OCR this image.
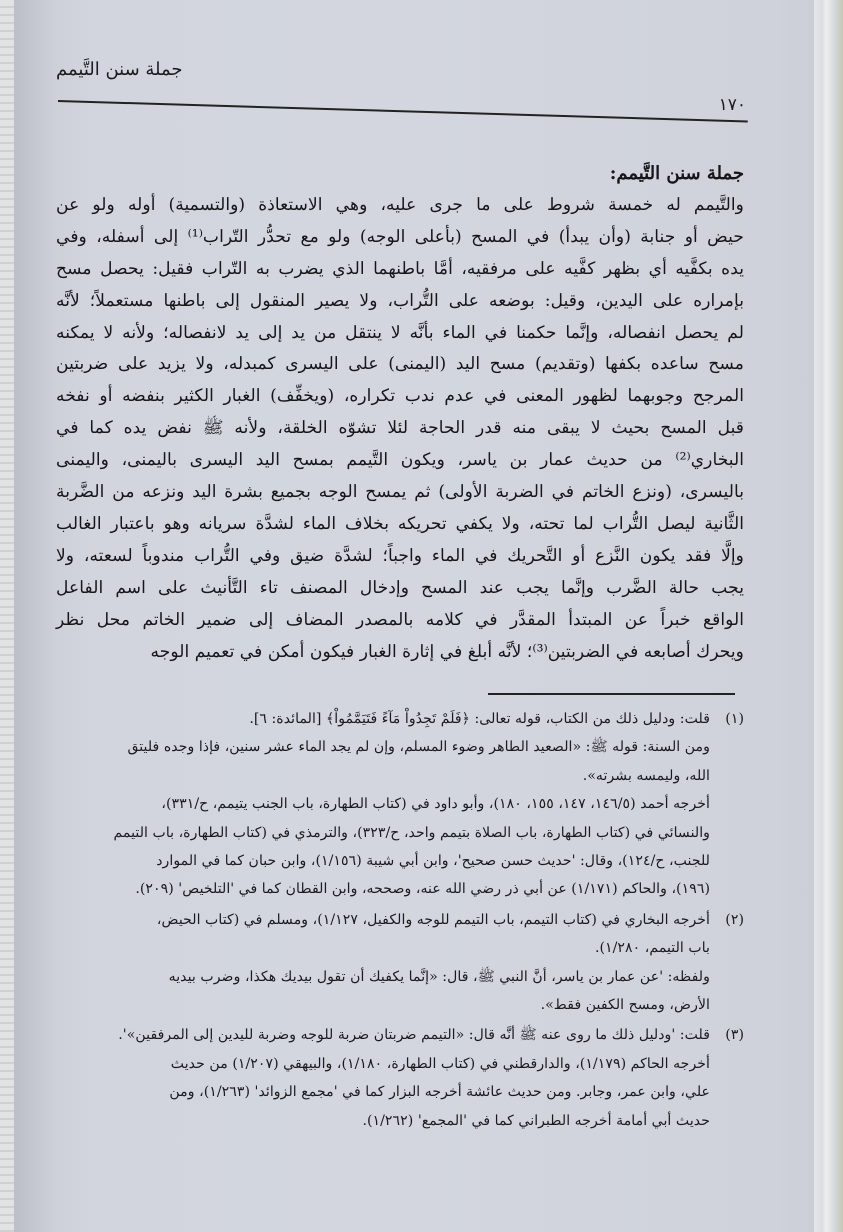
جملة سنن التَّيمم
١٧٠
جملة سنن التَّيمم:

والتَّيمم له خمسة شروط على ما جرى عليه، وهي الاستعاذة (والتسمية) أوله ولو عن

حيض أو جنابة (وأن يبدأ) في المسح (بأعلى الوجه) ولو مع تحدُّر التّراب⁽¹⁾ إلى أسفله، وفي

يده بكفَّيه أي بظهر كفَّيه على مرفقيه، أمَّا باطنهما الذي يضرب به التّراب فقيل: يحصل مسح

بإمراره على اليدين، وقيل: بوضعه على التُّراب، ولا يصير المنقول إلى باطنها مستعملاً؛ لأنَّه

لم يحصل انفصاله، وإنَّما حكمنا في الماء بأنَّه لا ينتقل من يد إلى يد لانفصاله؛ ولأنه لا يمكنه

مسح ساعده بكفها (وتقديم) مسح اليد (اليمنى) على اليسرى كمبدله، ولا يزيد على ضربتين

المرجح وجوبهما لظهور المعنى في عدم ندب تكراره، (ويخفِّف) الغبار الكثير بنفضه أو نفخه

قبل المسح بحيث لا يبقى منه قدر الحاجة لئلا تشوّه الخلقة، ولأنه ﷺ نفض يده كما في

البخاري⁽²⁾ من حديث عمار بن ياسر، ويكون التَّيمم بمسح اليد اليسرى باليمنى، واليمنى

باليسرى، (ونزع الخاتم في الضربة الأولى) ثم يمسح الوجه بجميع بشرة اليد ونزعه من الضَّربة

الثَّانية ليصل التُّراب لما تحته، ولا يكفي تحريكه بخلاف الماء لشدَّة سريانه وهو باعتبار الغالب

وإلَّا فقد يكون النَّزع أو التَّحريك في الماء واجباً؛ لشدَّة ضيق وفي التُّراب مندوباً لسعته، ولا

يجب حالة الضَّرب وإنَّما يجب عند المسح وإدخال المصنف تاء التَّأنيث على اسم الفاعل

الواقع خبراً عن المبتدأ المقدَّر في كلامه بالمصدر المضاف إلى ضمير الخاتم محل نظر

ويحرك أصابعه في الضربتين⁽³⁾؛ لأنَّه أبلغ في إثارة الغبار فيكون أمكن في تعميم الوجه

(١)

قلت: ودليل ذلك من الكتاب، قوله تعالى: ﴿فَلَمْ تَجِدُواْ مَآءً فَتَيَمَّمُواْ﴾ [المائدة: ٦].

ومن السنة: قوله ﷺ: «الصعيد الطاهر وضوء المسلم، وإن لم يجد الماء عشر سنين، فإذا وجده فليتق

الله، وليمسه بشرته».

أخرجه أحمد (١٤٦/٥، ١٤٧، ١٥٥، ١٨٠)، وأبو داود في (كتاب الطهارة، باب الجنب يتيمم، ح/٣٣١)،

والنسائي في (كتاب الطهارة، باب الصلاة بتيمم واحد، ح/٣٢٣)، والترمذي في (كتاب الطهارة، باب التيمم

للجنب، ح/١٢٤)، وقال: 'حديث حسن صحيح'، وابن أبي شيبة (١/١٥٦)، وابن حبان كما في الموارد

(١٩٦)، والحاكم (١/١٧١) عن أبي ذر رضي الله عنه، وصححه، وابن القطان كما في 'التلخيص' (٢٠٩).

(٢)

أخرجه البخاري في (كتاب التيمم، باب التيمم للوجه والكفيل، ١/١٢٧)، ومسلم في (كتاب الحيض،

باب التيمم، ١/٢٨٠).

ولفظه: 'عن عمار بن ياسر، أنَّ النبي ﷺ، قال: «إنَّما يكفيك أن تقول بيديك هكذا، وضرب بيديه

الأرض، ومسح الكفين فقط».

(٣)

قلت: 'ودليل ذلك ما روى عنه ﷺ أنَّه قال: «التيمم ضربتان ضربة للوجه وضربة لليدين إلى المرفقين»'.

أخرجه الحاكم (١/١٧٩)، والدارقطني في (كتاب الطهارة، ١/١٨٠)، والبيهقي (١/٢٠٧) من حديث

علي، وابن عمر، وجابر. ومن حديث عائشة أخرجه البزار كما في 'مجمع الزوائد' (١/٢٦٣)، ومن

حديث أبي أمامة أخرجه الطبراني كما في 'المجمع' (١/٢٦٢).
